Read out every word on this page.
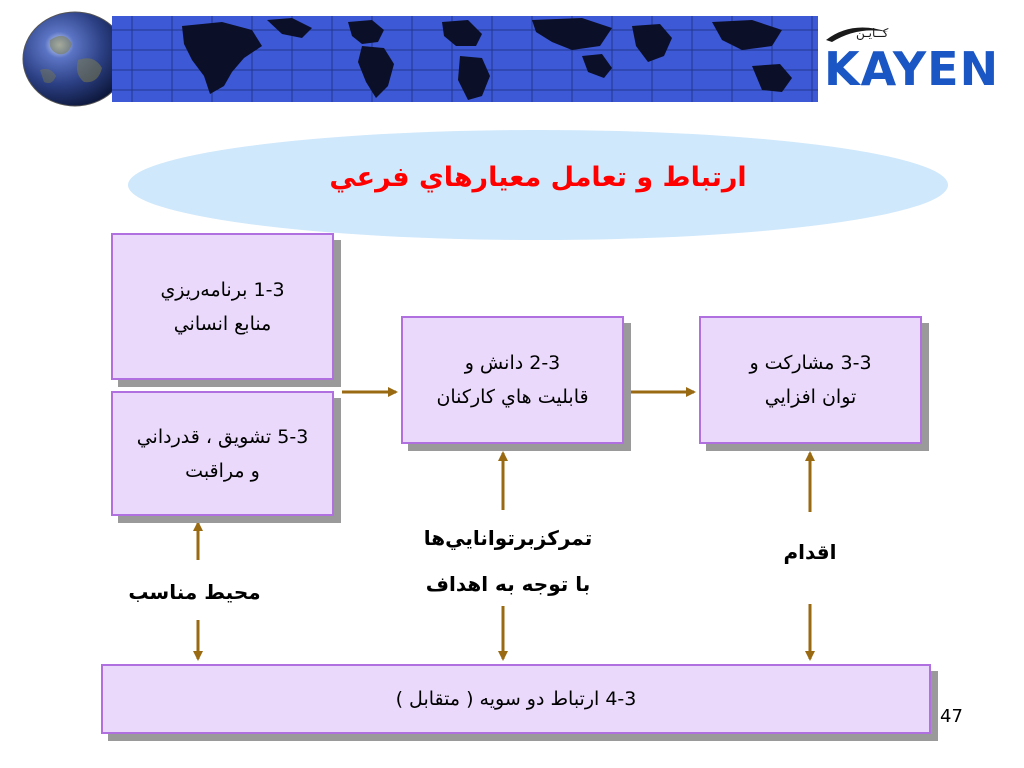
كــايـن
KAYEN
ارتباط و تعامل معيارهاي فرعي
1-3 برنامه‌ريزي
منابع انساني
5-3 تشويق ، قدرداني
و مراقبت
2-3 دانش و
قابليت هاي كاركنان
3-3 مشاركت و
توان افزايي
4-3 ارتباط دو سويه ( متقابل )
محيط مناسب
تمركزبرتوانايي‌ها
با توجه به اهداف
اقدام
47
